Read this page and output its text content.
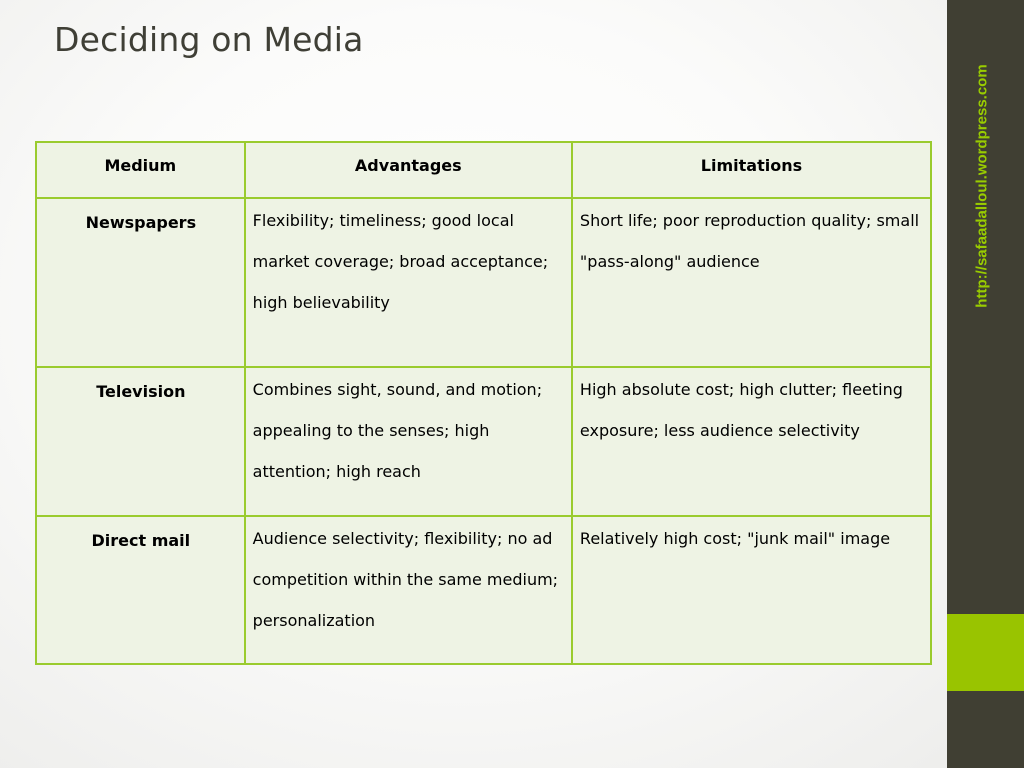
Deciding on Media
http://safaadalloul.wordpress.com
Medium	Advantages	Limitations
Newspapers	Flexibility; timeliness; good local market coverage; broad acceptance; high believability	Short life; poor reproduction quality; small "pass-along" audience

Television	Combines sight, sound, and motion; appealing to the senses; high attention; high reach	High absolute cost; high clutter; fleeting exposure; less audience selectivity

Direct mail	Audience selectivity; flexibility; no ad competition within the same medium; personalization	Relatively high cost; "junk mail" image
